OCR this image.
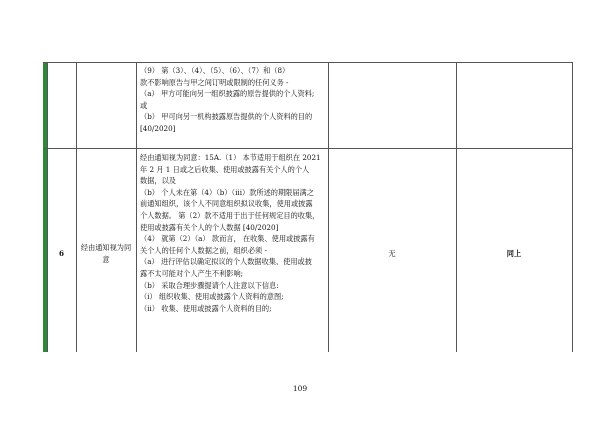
（9） 第（3）、（4）、（5）、（6）、（7）和（8）
款不影响原告与甲之间订明或限制的任何义务 -
（a） 甲方可能向另一组织披露的原告提供的个人资料;
或
（b） 甲可向另一机构披露原告提供的个人资料的目的
[40/2020]
6
经由通知视为同
意
经由通知视为同意：15A.（1） 本节适用于组织在 2021
年 2 月 1 日或之后收集、使用或披露有关个人的个人
数据，以及
（b） 个人未在第（4）（b）（iii）款所述的期限届满之
前通知组织，该个人不同意组织拟议收集，使用或披露
个人数据。 第（2）款不适用于出于任何规定目的收集，
使用或披露有关个人的个人数据 [40/2020]
（4） 就第（2）（a） 款而言， 在收集、使用或披露有
关个人的任何个人数据之前，组织必须 -
（a） 进行评估以确定拟议的个人数据收集、使用或披
露不太可能对个人产生不利影响;
（b） 采取合理步骤提请个人注意以下信息:
（i） 组织收集、使用或披露个人资料的意图;
（ii） 收集、使用或披露个人资料的目的;
无	同上
109
